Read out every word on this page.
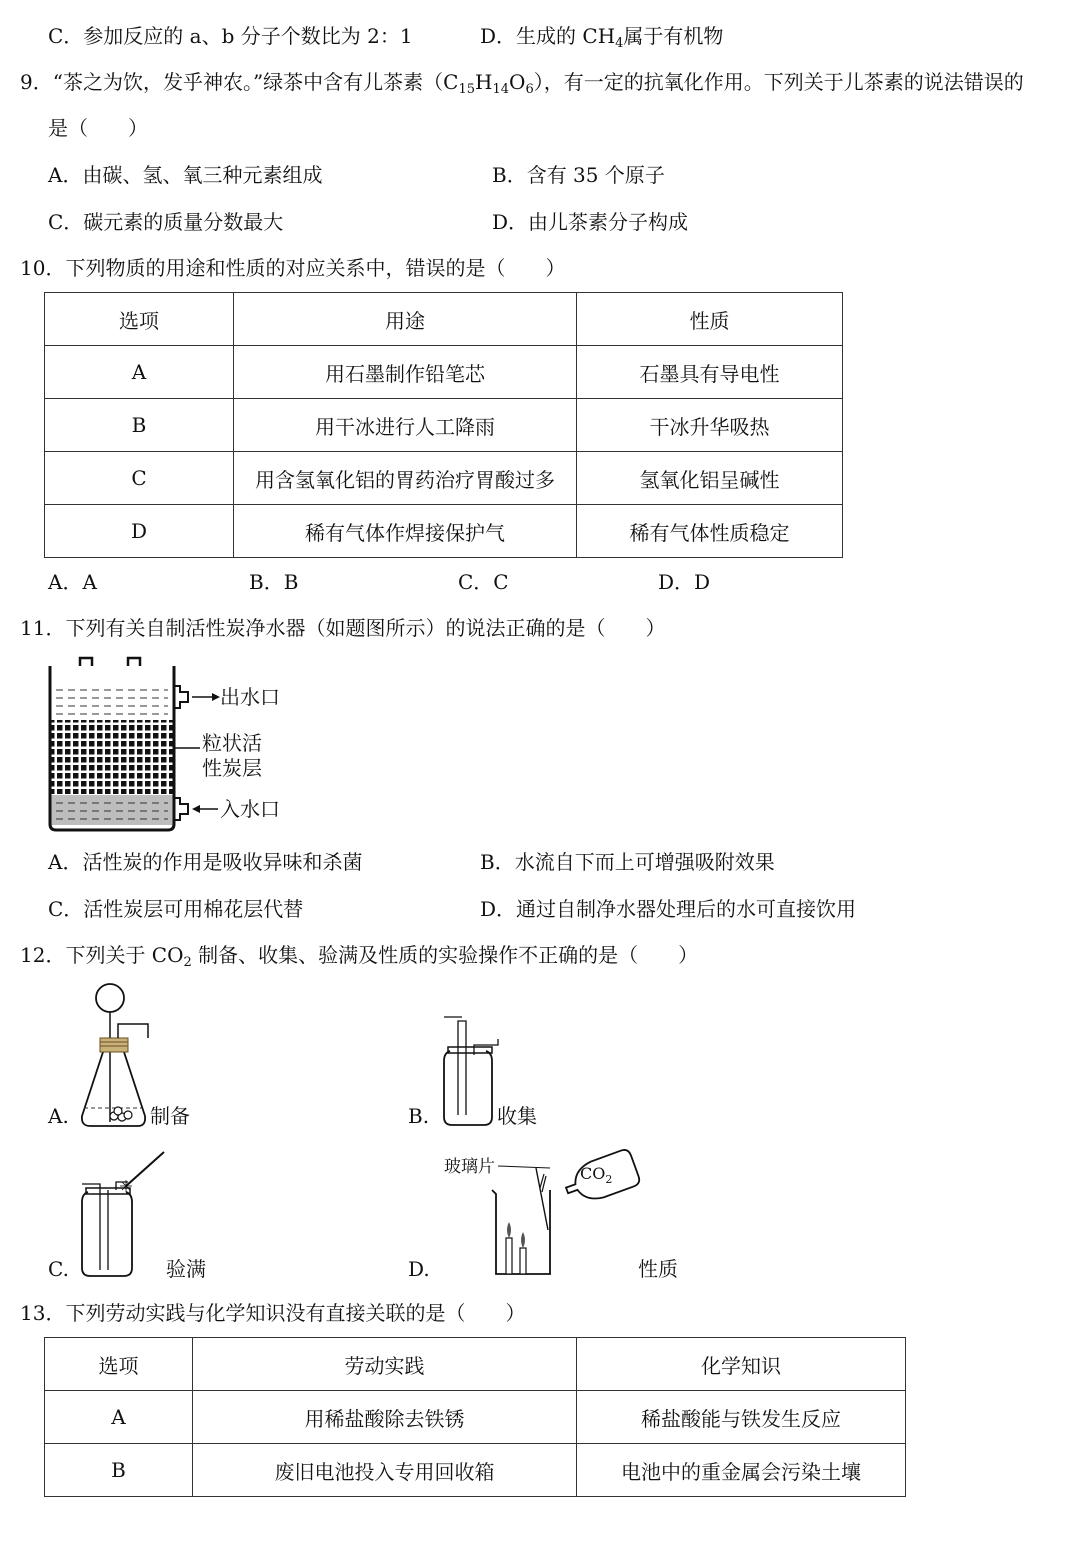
C．参加反应的 a、b 分子个数比为 2：1	D．生成的 $CH_4$属于有机物
9．“茶之为饮，发乎神农。”绿茶中含有儿茶素$(C_{15}H_{14}O_6)$，有一定的抗氧化作用。下列关于儿茶素的说法错误的
是（　　）
A．由碳、氢、氧三种元素组成	B．含有 35 个原子
C．碳元素的质量分数最大	D．由儿茶素分子构成
10．下列物质的用途和性质的对应关系中，错误的是（　　）
选项	用途	性质
A	用石墨制作铅笔芯	石墨具有导电性
B	用干冰进行人工降雨	干冰升华吸热
C	用含氢氧化铝的胃药治疗胃酸过多	氢氧化铝呈碱性
D	稀有气体作焊接保护气	稀有气体性质稳定
A．A	B．B	C．C	D．D
11．下列有关自制活性炭净水器（如题图所示）的说法正确的是（　　）
出水口
粒状活
性炭层
入水口
A．活性炭的作用是吸收异味和杀菌	B．水流自下而上可增强吸附效果
C．活性炭层可用棉花层代替	D．通过自制净水器处理后的水可直接饮用
12．下列关于 $CO_2$ 制备、收集、验满及性质的实验操作不正确的是（　　）
A.	制备	B.	收集
C.	验满
$CO_2$
玻璃片
D.	性质
13．下列劳动实践与化学知识没有直接关联的是（　　）
选项	劳动实践	化学知识
A	用稀盐酸除去铁锈	稀盐酸能与铁发生反应
B	废旧电池投入专用回收箱	电池中的重金属会污染土壤
